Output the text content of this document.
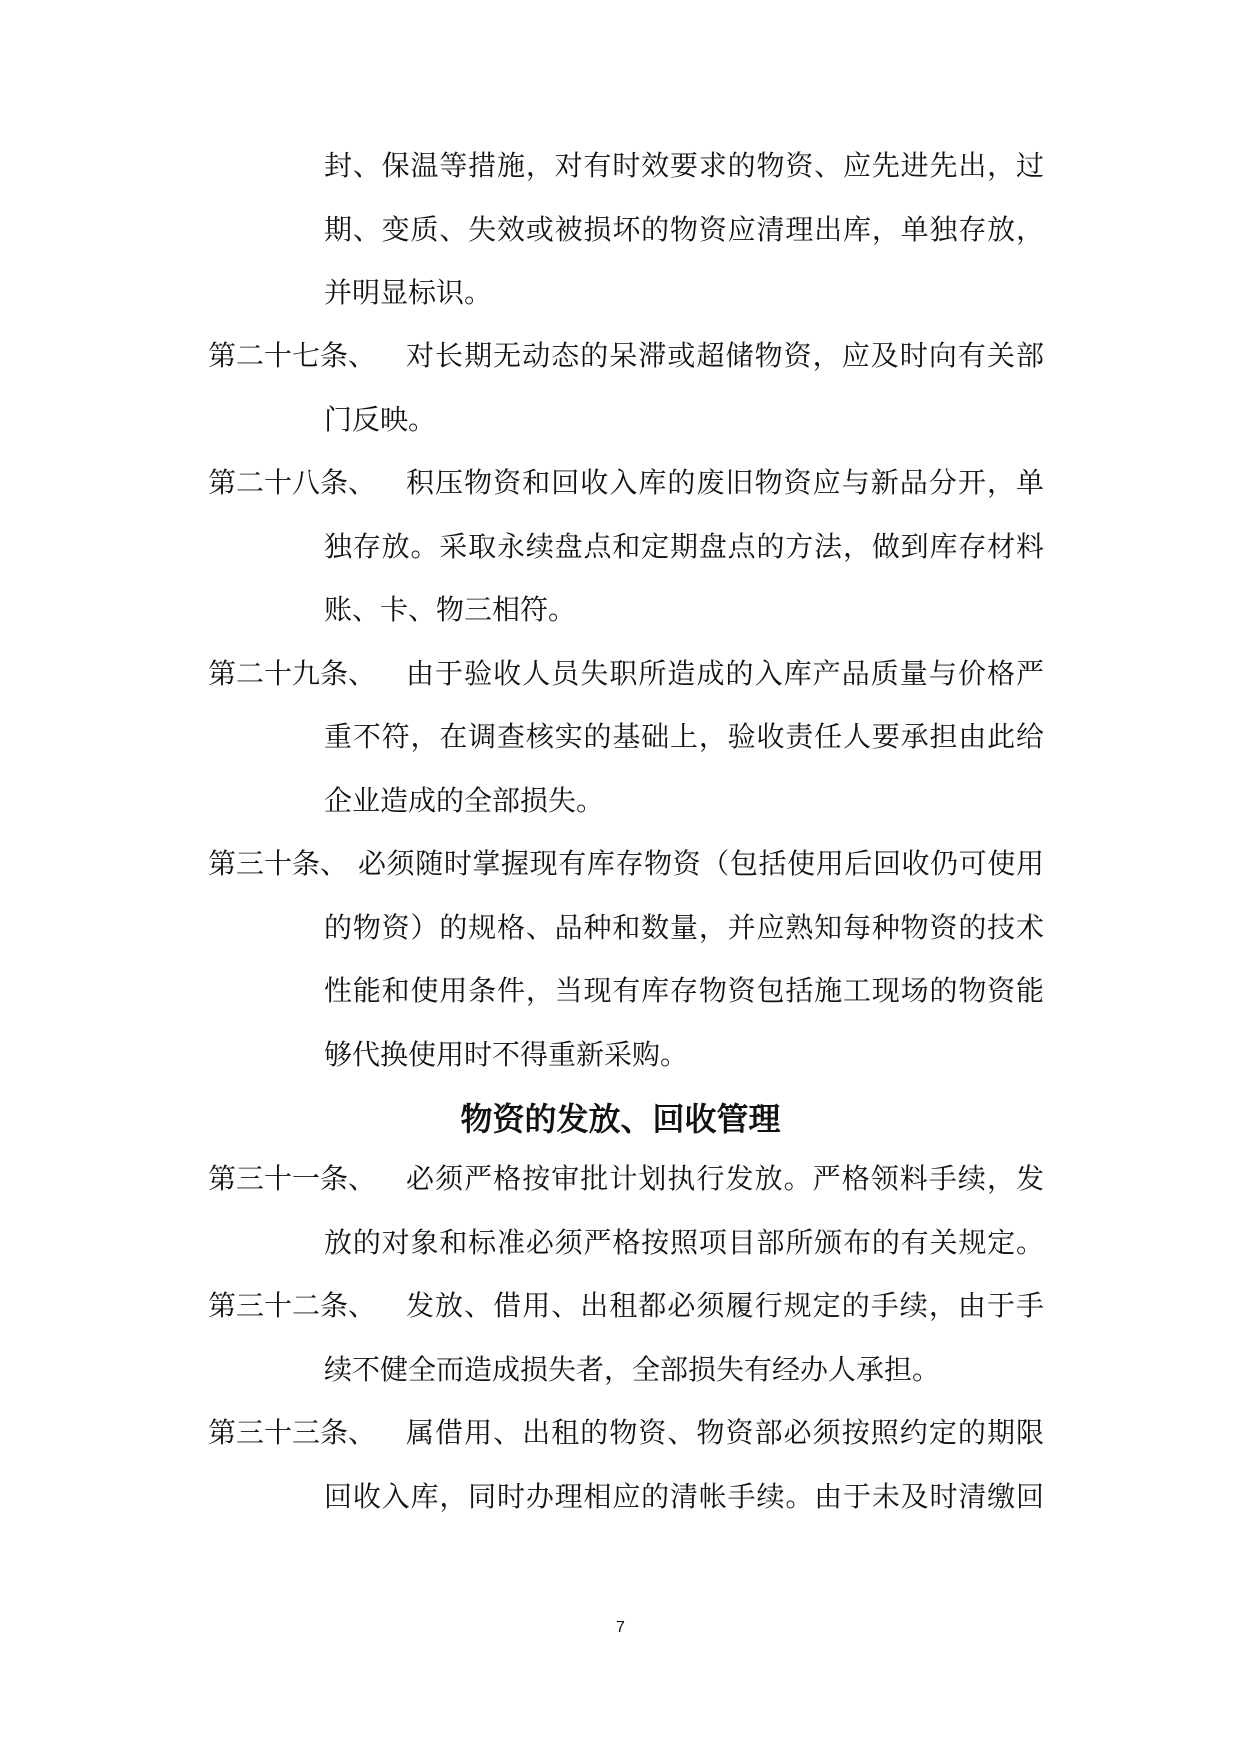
封、保温等措施，对有时效要求的物资、应先进先出，过
期、变质、失效或被损坏的物资应清理出库，单独存放，
并明显标识。
第二十七条、 对长期无动态的呆滞或超储物资，应及时向有关部
门反映。
第二十八条、 积压物资和回收入库的废旧物资应与新品分开，单
独存放。采取永续盘点和定期盘点的方法，做到库存材料
账、卡、物三相符。
第二十九条、 由于验收人员失职所造成的入库产品质量与价格严
重不符，在调查核实的基础上，验收责任人要承担由此给
企业造成的全部损失。
第三十条、 必须随时掌握现有库存物资（包括使用后回收仍可使用
的物资）的规格、品种和数量，并应熟知每种物资的技术
性能和使用条件，当现有库存物资包括施工现场的物资能
够代换使用时不得重新采购。
物资的发放、回收管理
第三十一条、 必须严格按审批计划执行发放。严格领料手续，发
放的对象和标准必须严格按照项目部所颁布的有关规定。
第三十二条、 发放、借用、出租都必须履行规定的手续，由于手
续不健全而造成损失者，全部损失有经办人承担。
第三十三条、 属借用、出租的物资、物资部必须按照约定的期限
回收入库，同时办理相应的清帐手续。由于未及时清缴回
7
